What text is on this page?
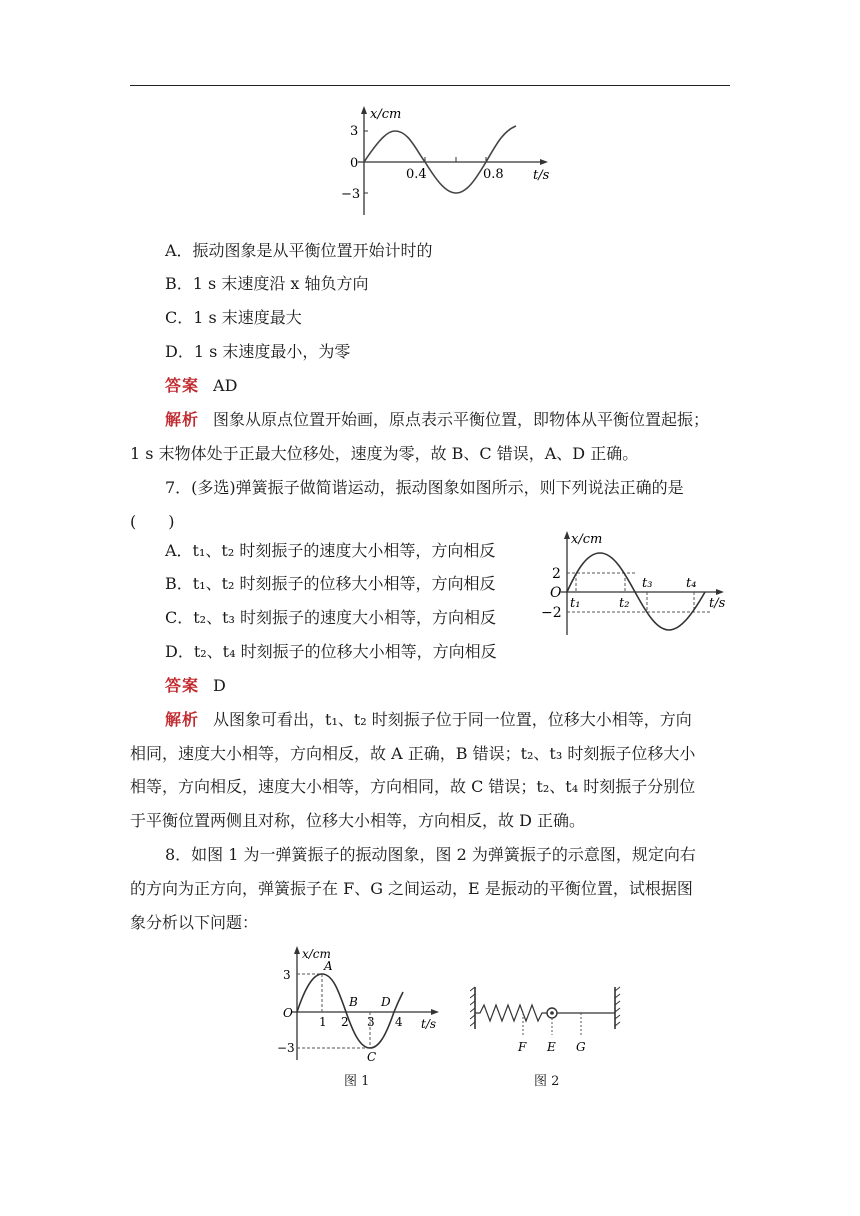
x/cm
t/s
3
0
−3
0.4	0.8
A．振动图象是从平衡位置开始计时的
B．1 s 末速度沿 x 轴负方向
C．1 s 末速度最大
D．1 s 末速度最小，为零
答案 AD
解析 图象从原点位置开始画，原点表示平衡位置，即物体从平衡位置起振；
1 s 末物体处于正最大位移处，速度为零，故 B、C 错误，A、D 正确。
7．(多选)弹簧振子做简谐运动，振动图象如图所示，则下列说法正确的是
(　　)
A．t₁、t₂ 时刻振子的速度大小相等，方向相反
B．t₁、t₂ 时刻振子的位移大小相等，方向相反
C．t₂、t₃ 时刻振子的速度大小相等，方向相反
D．t₂、t₄ 时刻振子的位移大小相等，方向相反
x/cm
t/s
2
O
−2
t₁	t₂
t₃	t₄
答案 D
解析 从图象可看出，t₁、t₂ 时刻振子位于同一位置，位移大小相等，方向
相同，速度大小相等，方向相反，故 A 正确，B 错误；t₂、t₃ 时刻振子位移大小
相等，方向相反，速度大小相等，方向相同，故 C 错误；t₂、t₄ 时刻振子分别位
于平衡位置两侧且对称，位移大小相等，方向相反，故 D 正确。
8．如图 1 为一弹簧振子的振动图象，图 2 为弹簧振子的示意图，规定向右
的方向为正方向，弹簧振子在 F、G 之间运动，E 是振动的平衡位置，试根据图
象分析以下问题：
x/cm
t/s
3
O
−3
1 2 3 4
A
B
C
D
图 1
F E G
图 2
